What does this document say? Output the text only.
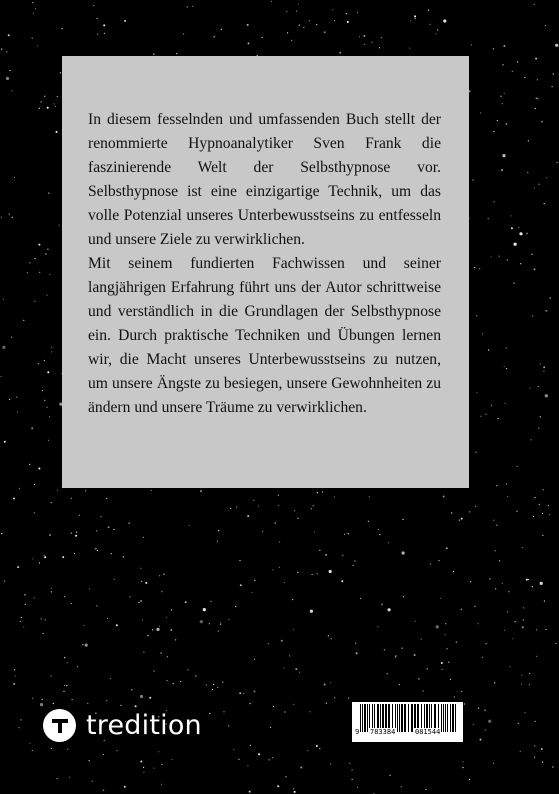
In diesem fesselnden und umfassenden Buch stellt der renommierte Hypnoanalytiker Sven Frank die faszinierende Welt der Selbsthypnose vor. Selbsthypnose ist eine einzigartige Technik, um das volle Potenzial unseres Unterbewusstseins zu entfesseln und unsere Ziele zu verwirklichen.

Mit seinem fundierten Fachwissen und seiner langjährigen Erfahrung führt uns der Autor schrittweise und verständlich in die Grundlagen der Selbsthypnose ein. Durch praktische Techniken und Übungen lernen wir, die Macht unseres Unterbewusstseins zu nutzen, um unsere Ängste zu besiegen, unsere Gewohnheiten zu ändern und unsere Träume zu verwirklichen.

tredition	9 783384	081544
